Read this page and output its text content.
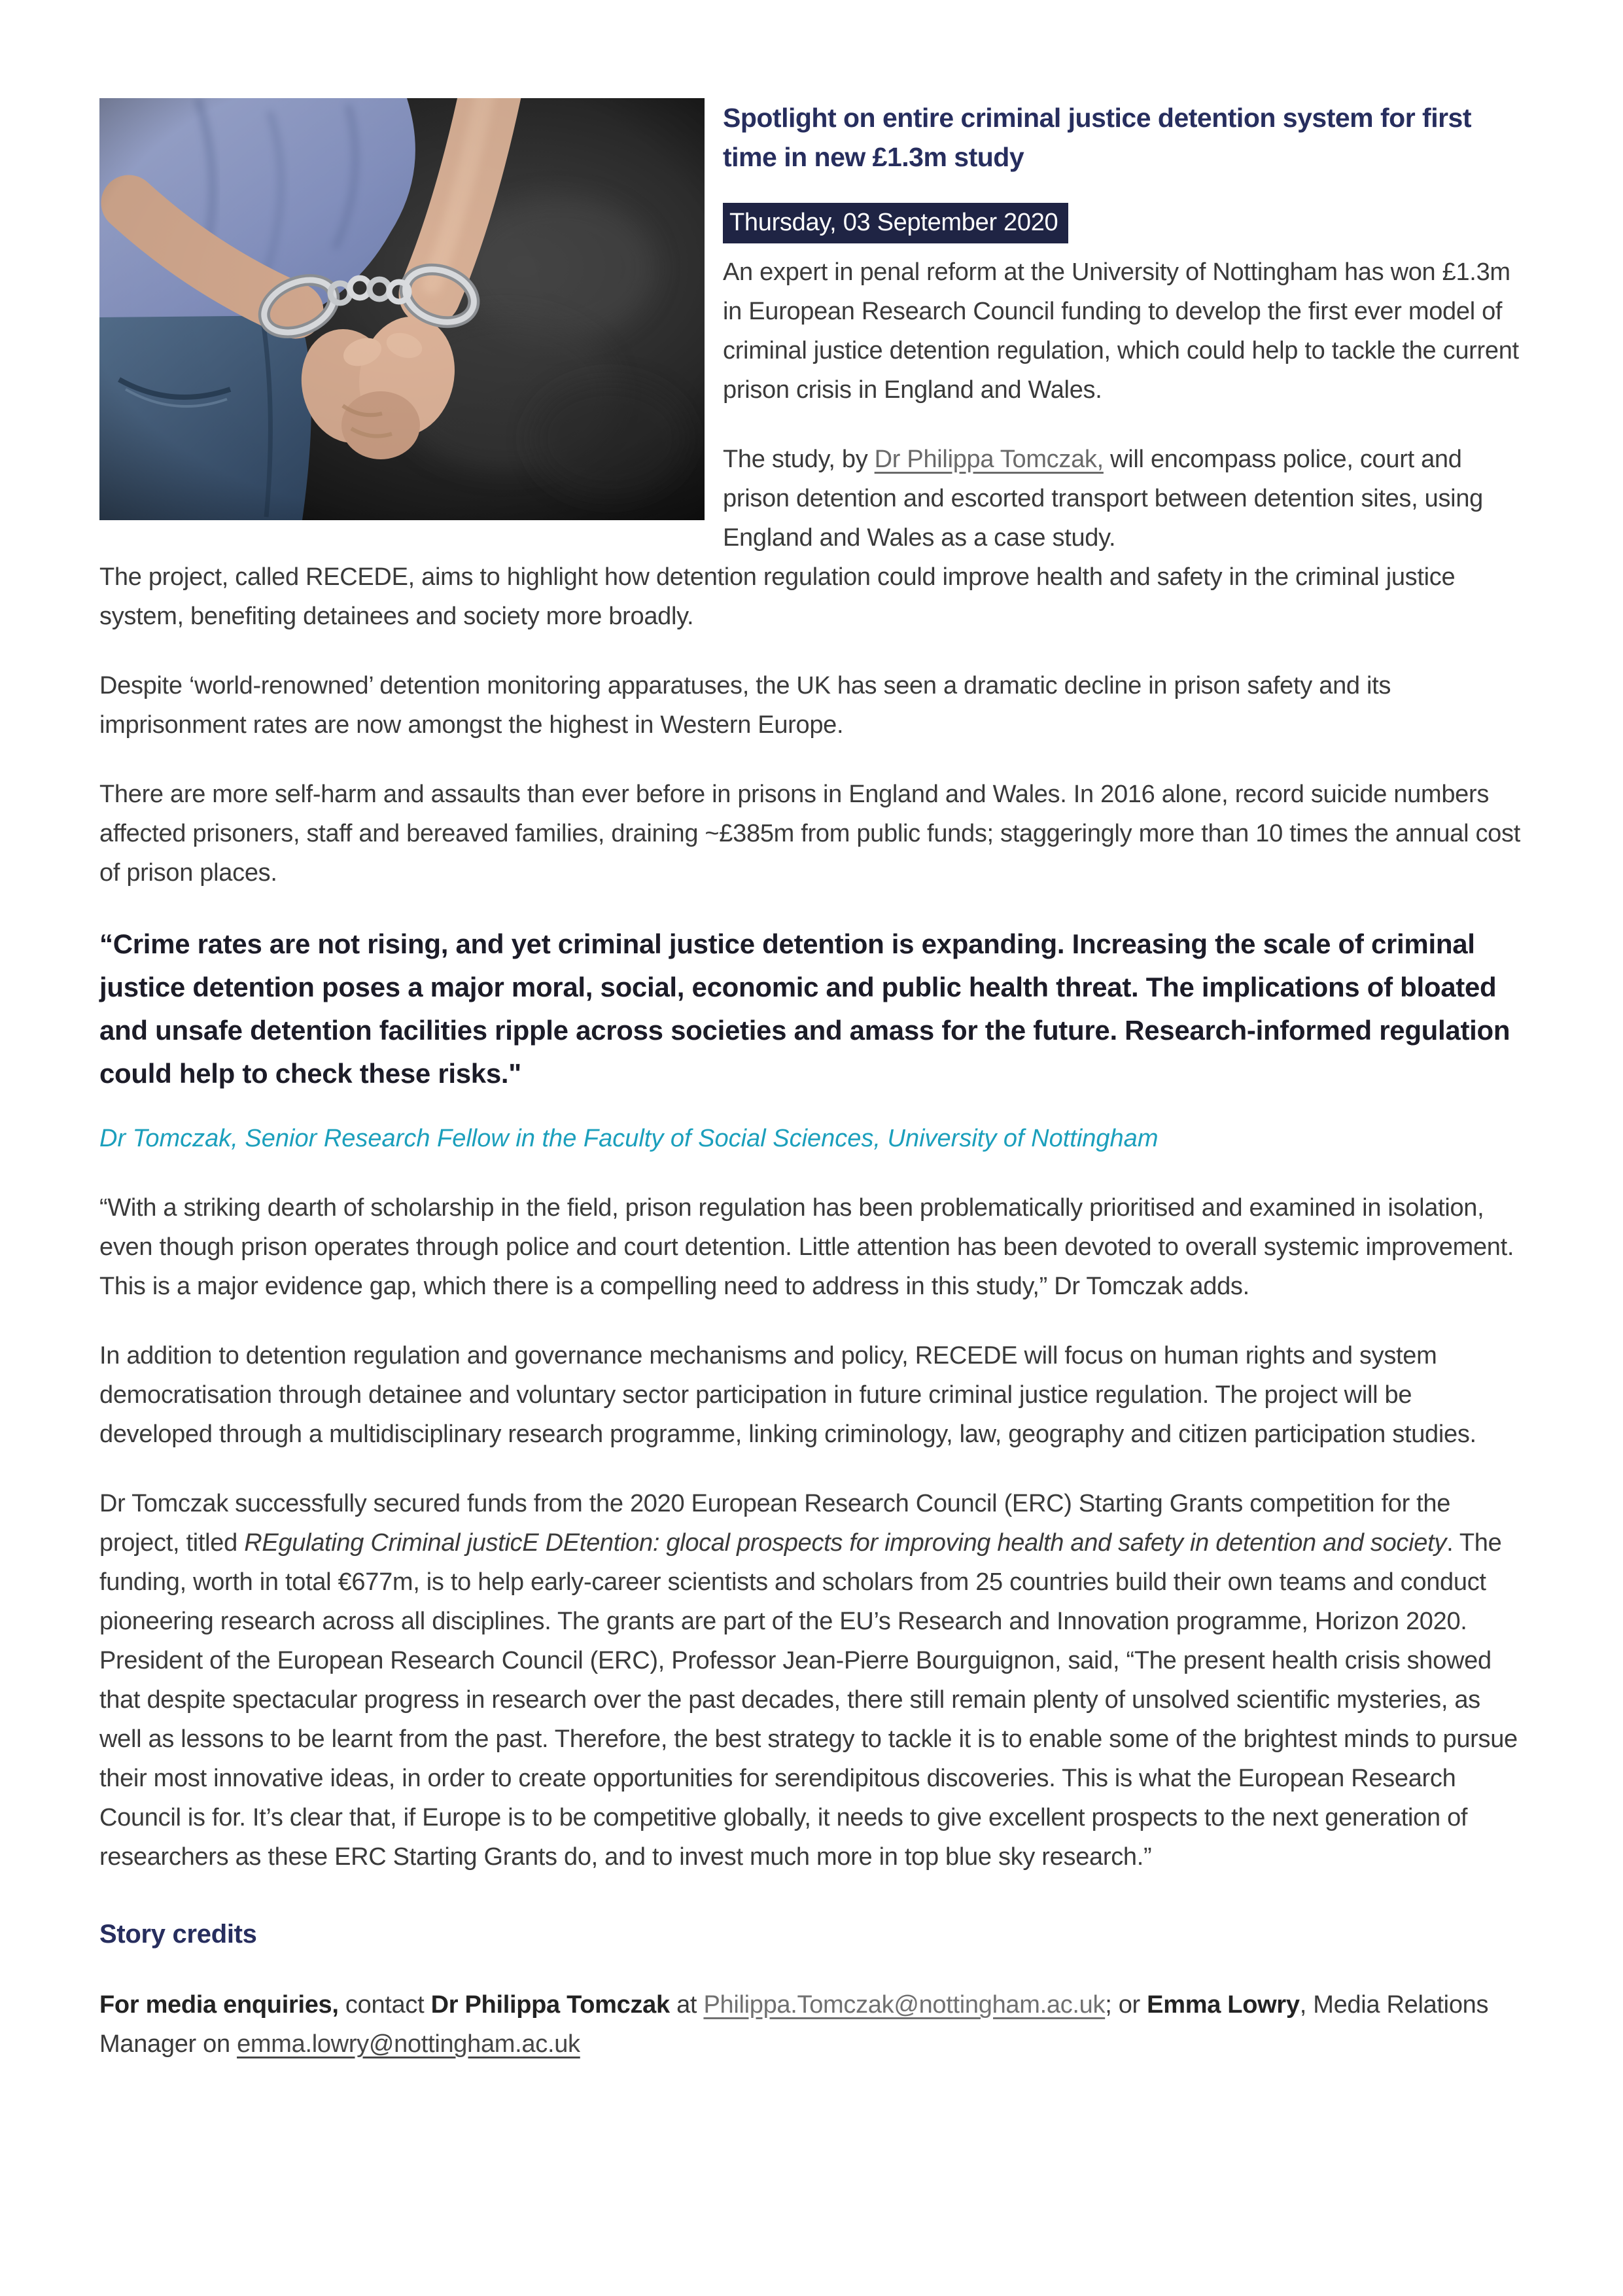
Spotlight on entire criminal justice detention system for first time in new £1.3m study
Thursday, 03 September 2020

An expert in penal reform at the University of Nottingham has won £1.3m in European Research Council funding to develop the first ever model of criminal justice detention regulation, which could help to tackle the current prison crisis in England and Wales.

The study, by Dr Philippa Tomczak, will encompass police, court and prison detention and escorted transport between detention sites, using England and Wales as a case study.

The project, called RECEDE, aims to highlight how detention regulation could improve health and safety in the criminal justice system, benefiting detainees and society more broadly.

Despite ‘world-renowned’ detention monitoring apparatuses, the UK has seen a dramatic decline in prison safety and its imprisonment rates are now amongst the highest in Western Europe.

There are more self-harm and assaults than ever before in prisons in England and Wales. In 2016 alone, record suicide numbers affected prisoners, staff and bereaved families, draining ~£385m from public funds; staggeringly more than 10 times the annual cost of prison places.

“Crime rates are not rising, and yet criminal justice detention is expanding. Increasing the scale of criminal justice detention poses a major moral, social, economic and public health threat. The implications of bloated and unsafe detention facilities ripple across societies and amass for the future. Research-informed regulation could help to check these risks."

Dr Tomczak, Senior Research Fellow in the Faculty of Social Sciences, University of Nottingham

“With a striking dearth of scholarship in the field, prison regulation has been problematically prioritised and examined in isolation, even though prison operates through police and court detention. Little attention has been devoted to overall systemic improvement. This is a major evidence gap, which there is a compelling need to address in this study,” Dr Tomczak adds.

In addition to detention regulation and governance mechanisms and policy, RECEDE will focus on human rights and system democratisation through detainee and voluntary sector participation in future criminal justice regulation. The project will be developed through a multidisciplinary research programme, linking criminology, law, geography and citizen participation studies.

Dr Tomczak successfully secured funds from the 2020 European Research Council (ERC) Starting Grants competition for the project, titled REgulating Criminal justicE DEtention: glocal prospects for improving health and safety in detention and society. The funding, worth in total €677m, is to help early-career scientists and scholars from 25 countries build their own teams and conduct pioneering research across all disciplines. The grants are part of the EU’s Research and Innovation programme, Horizon 2020.

President of the European Research Council (ERC), Professor Jean-Pierre Bourguignon, said, “The present health crisis showed that despite spectacular progress in research over the past decades, there still remain plenty of unsolved scientific mysteries, as well as lessons to be learnt from the past. Therefore, the best strategy to tackle it is to enable some of the brightest minds to pursue their most innovative ideas, in order to create opportunities for serendipitous discoveries. This is what the European Research Council is for. It’s clear that, if Europe is to be competitive globally, it needs to give excellent prospects to the next generation of researchers as these ERC Starting Grants do, and to invest much more in top blue sky research.”

Story credits

For media enquiries, contact Dr Philippa Tomczak at Philippa.Tomczak@nottingham.ac.uk; or Emma Lowry, Media Relations Manager on emma.lowry@nottingham.ac.uk
